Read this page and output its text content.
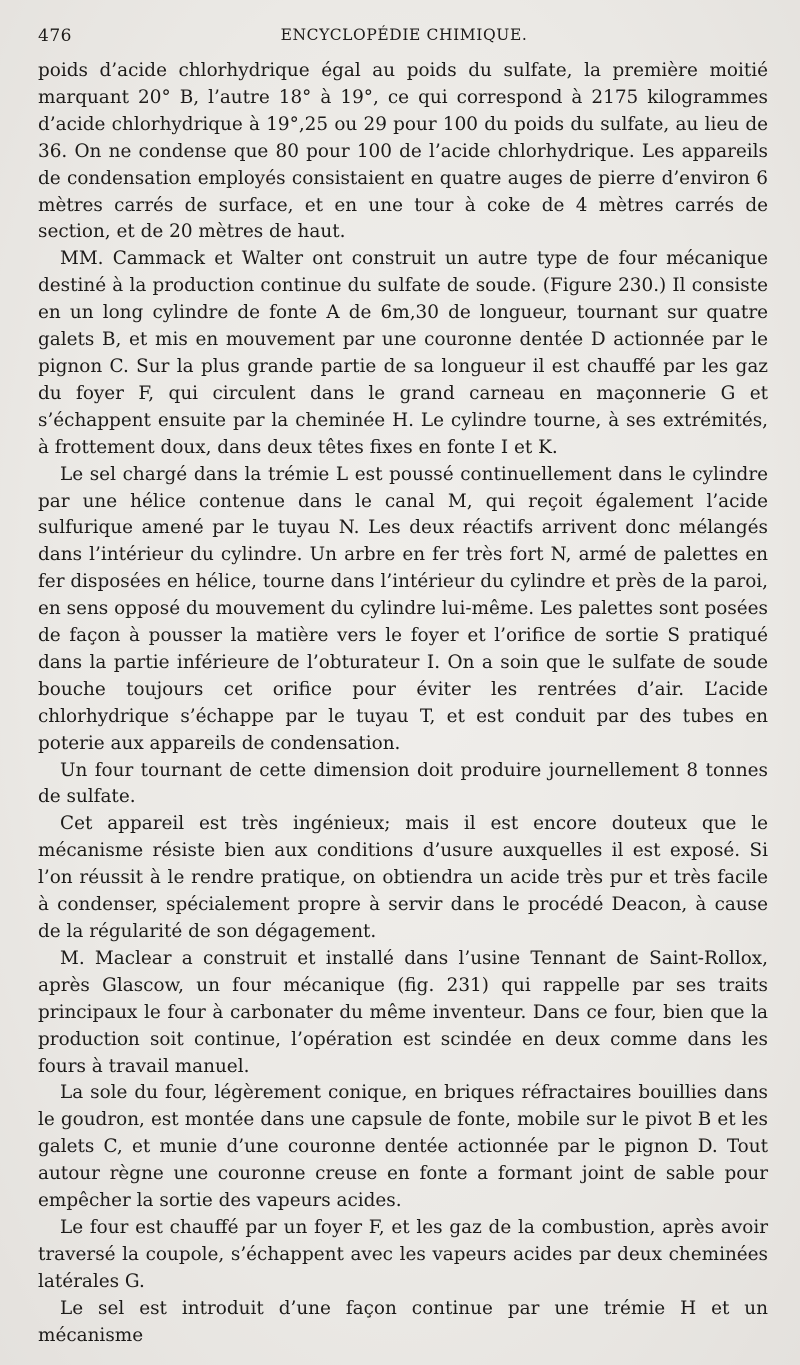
476	ENCYCLOPÉDIE CHIMIQUE.

poids d’acide chlorhydrique égal au poids du sulfate, la première moitié marquant 20° B, l’autre 18° à 19°, ce qui correspond à 2175 kilogrammes d’acide chlorhydrique à 19°,25 ou 29 pour 100 du poids du sulfate, au lieu de 36. On ne condense que 80 pour 100 de l’acide chlorhydrique. Les appareils de condensation employés consistaient en quatre auges de pierre d’environ 6 mètres carrés de surface, et en une tour à coke de 4 mètres carrés de section, et de 20 mètres de haut.

MM. Cammack et Walter ont construit un autre type de four mécanique destiné à la production continue du sulfate de soude. (Figure 230.) Il consiste en un long cylindre de fonte A de 6m,30 de longueur, tournant sur quatre galets B, et mis en mouvement par une couronne dentée D actionnée par le pignon C. Sur la plus grande partie de sa longueur il est chauffé par les gaz du foyer F, qui circulent dans le grand carneau en maçonnerie G et s’échappent ensuite par la cheminée H. Le cylindre tourne, à ses extrémités, à frottement doux, dans deux têtes fixes en fonte I et K.

Le sel chargé dans la trémie L est poussé continuellement dans le cylindre par une hélice contenue dans le canal M, qui reçoit également l’acide sulfurique amené par le tuyau N. Les deux réactifs arrivent donc mélangés dans l’intérieur du cylindre. Un arbre en fer très fort N, armé de palettes en fer disposées en hélice, tourne dans l’intérieur du cylindre et près de la paroi, en sens opposé du mouvement du cylindre lui-même. Les palettes sont posées de façon à pousser la matière vers le foyer et l’orifice de sortie S pratiqué dans la partie inférieure de l’obturateur I. On a soin que le sulfate de soude bouche toujours cet orifice pour éviter les rentrées d’air. L’acide chlorhydrique s’échappe par le tuyau T, et est conduit par des tubes en poterie aux appareils de condensation.

Un four tournant de cette dimension doit produire journellement 8 tonnes de sulfate.

Cet appareil est très ingénieux; mais il est encore douteux que le mécanisme résiste bien aux conditions d’usure auxquelles il est exposé. Si l’on réussit à le rendre pratique, on obtiendra un acide très pur et très facile à condenser, spécialement propre à servir dans le procédé Deacon, à cause de la régularité de son dégagement.

M. Maclear a construit et installé dans l’usine Tennant de Saint-Rollox, après Glascow, un four mécanique (fig. 231) qui rappelle par ses traits principaux le four à carbonater du même inventeur. Dans ce four, bien que la production soit continue, l’opération est scindée en deux comme dans les fours à travail manuel.

La sole du four, légèrement conique, en briques réfractaires bouillies dans le goudron, est montée dans une capsule de fonte, mobile sur le pivot B et les galets C, et munie d’une couronne dentée actionnée par le pignon D. Tout autour règne une couronne creuse en fonte a formant joint de sable pour empêcher la sortie des vapeurs acides.

Le four est chauffé par un foyer F, et les gaz de la combustion, après avoir traversé la coupole, s’échappent avec les vapeurs acides par deux cheminées latérales G.

Le sel est introduit d’une façon continue par une trémie H et un mécanisme
